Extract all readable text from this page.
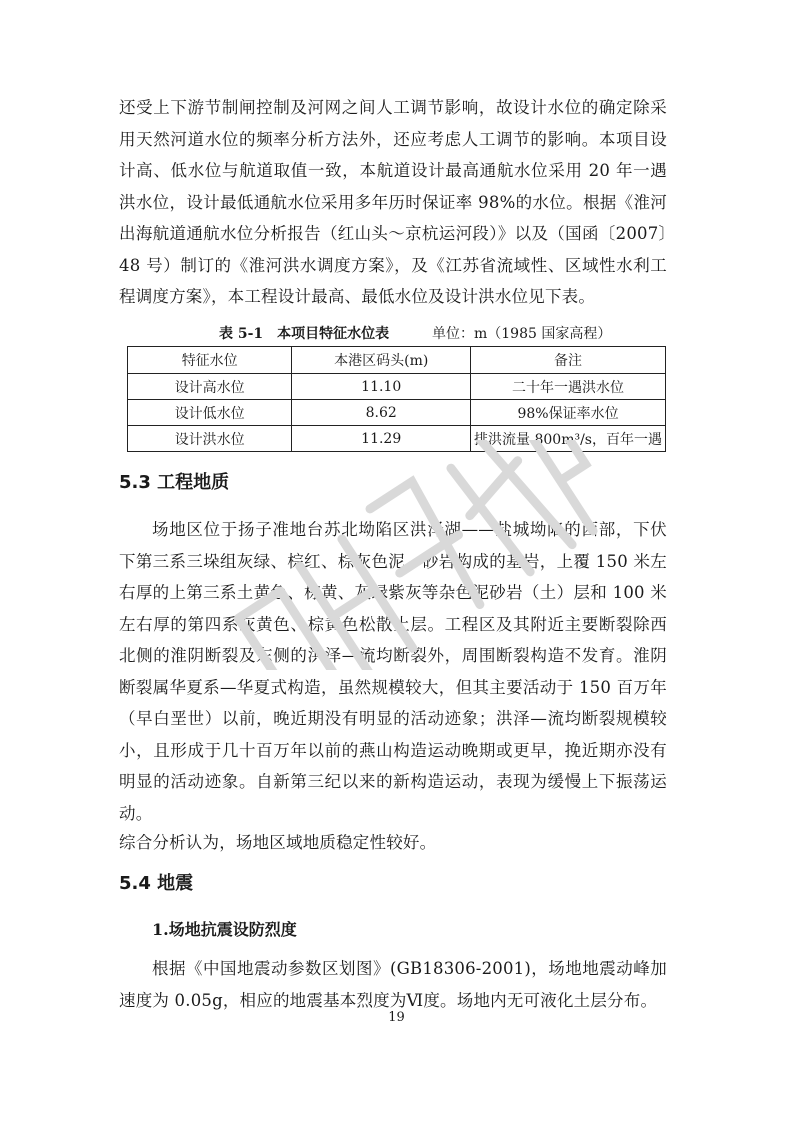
还受上下游节制闸控制及河网之间人工调节影响，故设计水位的确定除采用天然河道水位的频率分析方法外，还应考虑人工调节的影响。本项目设计高、低水位与航道取值一致，本航道设计最高通航水位采用 20 年一遇洪水位，设计最低通航水位采用多年历时保证率 98%的水位。根据《淮河出海航道通航水位分析报告（红山头～京杭运河段）》以及（国函〔2007〕48 号）制订的《淮河洪水调度方案》，及《江苏省流域性、区域性水利工程调度方案》，本工程设计最高、最低水位及设计洪水位见下表。

表 5-1　本项目特征水位表	单位：m（1985 国家高程）
特征水位	本港区码头(m)	备注
设计高水位	11.10	二十年一遇洪水位
设计低水位	8.62	98%保证率水位
设计洪水位	11.29	排洪流量 800m³/s，百年一遇
5.3 工程地质

场地区位于扬子准地台苏北坳陷区洪泽湖——盐城坳陷的西部，下伏下第三系三垛组灰绿、棕红、棕灰色泥、砂岩构成的基岩，上覆 150 米左右厚的上第三系土黄色、棕黄、灰绿紫灰等杂色泥砂岩（土）层和 100 米左右厚的第四系灰黄色、棕黄色松散土层。工程区及其附近主要断裂除西北侧的淮阴断裂及东侧的洪泽—流均断裂外，周围断裂构造不发育。淮阴断裂属华夏系—华夏式构造，虽然规模较大，但其主要活动于 150 百万年（早白垩世）以前，晚近期没有明显的活动迹象；洪泽—流均断裂规模较小，且形成于几十百万年以前的燕山构造运动晚期或更早，挽近期亦没有明显的活动迹象。自新第三纪以来的新构造运动，表现为缓慢上下振荡运动。

综合分析认为，场地区域地质稳定性较好。

5.4 地震
1.场地抗震设防烈度

根据《中国地震动参数区划图》(GB18306-2001)，场地地震动峰加速度为 0.05g，相应的地震基本烈度为Ⅵ度。场地内无可液化土层分布。

19
